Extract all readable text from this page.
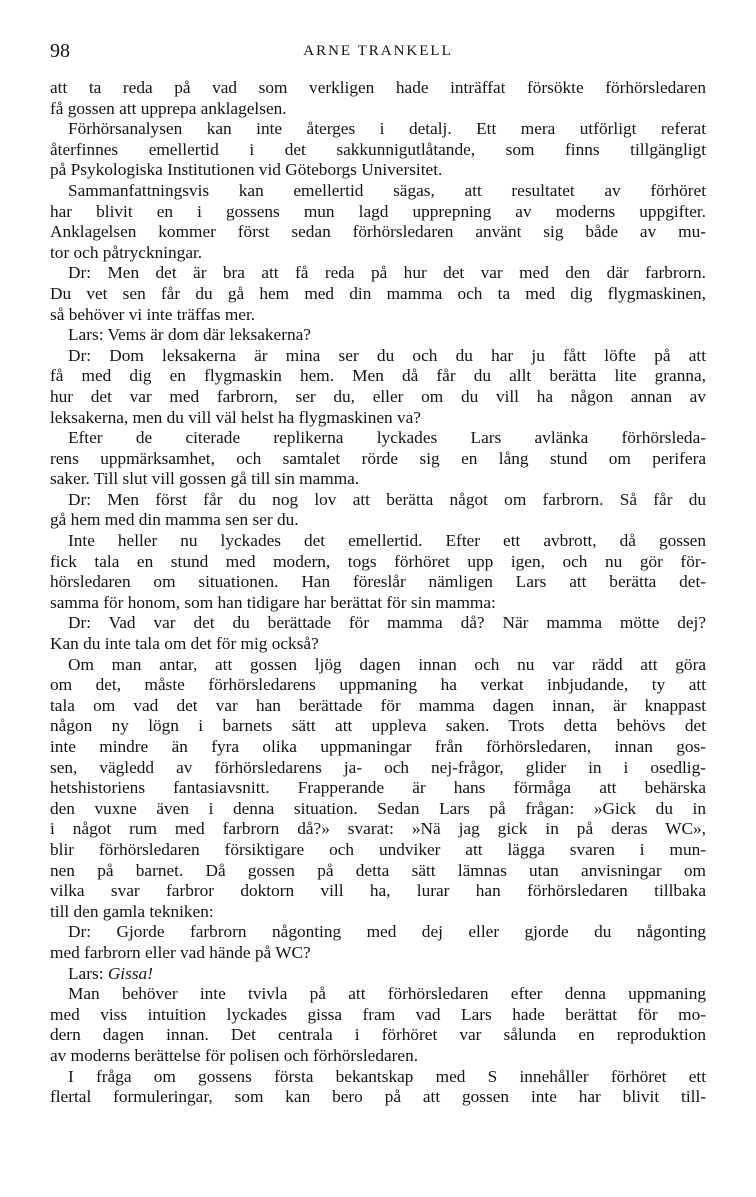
98	ARNE TRANKELL
att ta reda på vad som verkligen hade inträffat försökte förhörsledaren
få gossen att upprepa anklagelsen.
Förhörsanalysen kan inte återges i detalj. Ett mera utförligt referat
återfinnes emellertid i det sakkunnigutlåtande, som finns tillgängligt
på Psykologiska Institutionen vid Göteborgs Universitet.
Sammanfattningsvis kan emellertid sägas, att resultatet av förhöret
har blivit en i gossens mun lagd upprepning av moderns uppgifter.
Anklagelsen kommer först sedan förhörsledaren använt sig både av mu-
tor och påtryckningar.
Dr: Men det är bra att få reda på hur det var med den där farbrorn.
Du vet sen får du gå hem med din mamma och ta med dig flygmaskinen,
så behöver vi inte träffas mer.
Lars: Vems är dom där leksakerna?
Dr: Dom leksakerna är mina ser du och du har ju fått löfte på att
få med dig en flygmaskin hem. Men då får du allt berätta lite granna,
hur det var med farbrorn, ser du, eller om du vill ha någon annan av
leksakerna, men du vill väl helst ha flygmaskinen va?
Efter de citerade replikerna lyckades Lars avlänka förhörsleda-
rens uppmärksamhet, och samtalet rörde sig en lång stund om perifera
saker. Till slut vill gossen gå till sin mamma.
Dr: Men först får du nog lov att berätta något om farbrorn. Så får du
gå hem med din mamma sen ser du.
Inte heller nu lyckades det emellertid. Efter ett avbrott, då gossen
fick tala en stund med modern, togs förhöret upp igen, och nu gör för-
hörsledaren om situationen. Han föreslår nämligen Lars att berätta det-
samma för honom, som han tidigare har berättat för sin mamma:
Dr: Vad var det du berättade för mamma då? När mamma mötte dej?
Kan du inte tala om det för mig också?
Om man antar, att gossen ljög dagen innan och nu var rädd att göra
om det, måste förhörsledarens uppmaning ha verkat inbjudande, ty att
tala om vad det var han berättade för mamma dagen innan, är knappast
någon ny lögn i barnets sätt att uppleva saken. Trots detta behövs det
inte mindre än fyra olika uppmaningar från förhörsledaren, innan gos-
sen, vägledd av förhörsledarens ja- och nej-frågor, glider in i osedlig-
hetshistoriens fantasiavsnitt. Frapperande är hans förmåga att behärska
den vuxne även i denna situation. Sedan Lars på frågan: »Gick du in
i något rum med farbrorn då?» svarat: »Nä jag gick in på deras WC»,
blir förhörsledaren försiktigare och undviker att lägga svaren i mun-
nen på barnet. Då gossen på detta sätt lämnas utan anvisningar om
vilka svar farbror doktorn vill ha, lurar han förhörsledaren tillbaka
till den gamla tekniken:
Dr: Gjorde farbrorn någonting med dej eller gjorde du någonting
med farbrorn eller vad hände på WC?
Lars: Gissa!
Man behöver inte tvivla på att förhörsledaren efter denna uppmaning
med viss intuition lyckades gissa fram vad Lars hade berättat för mo-
dern dagen innan. Det centrala i förhöret var sålunda en reproduktion
av moderns berättelse för polisen och förhörsledaren.
I fråga om gossens första bekantskap med S innehåller förhöret ett
flertal formuleringar, som kan bero på att gossen inte har blivit till-
